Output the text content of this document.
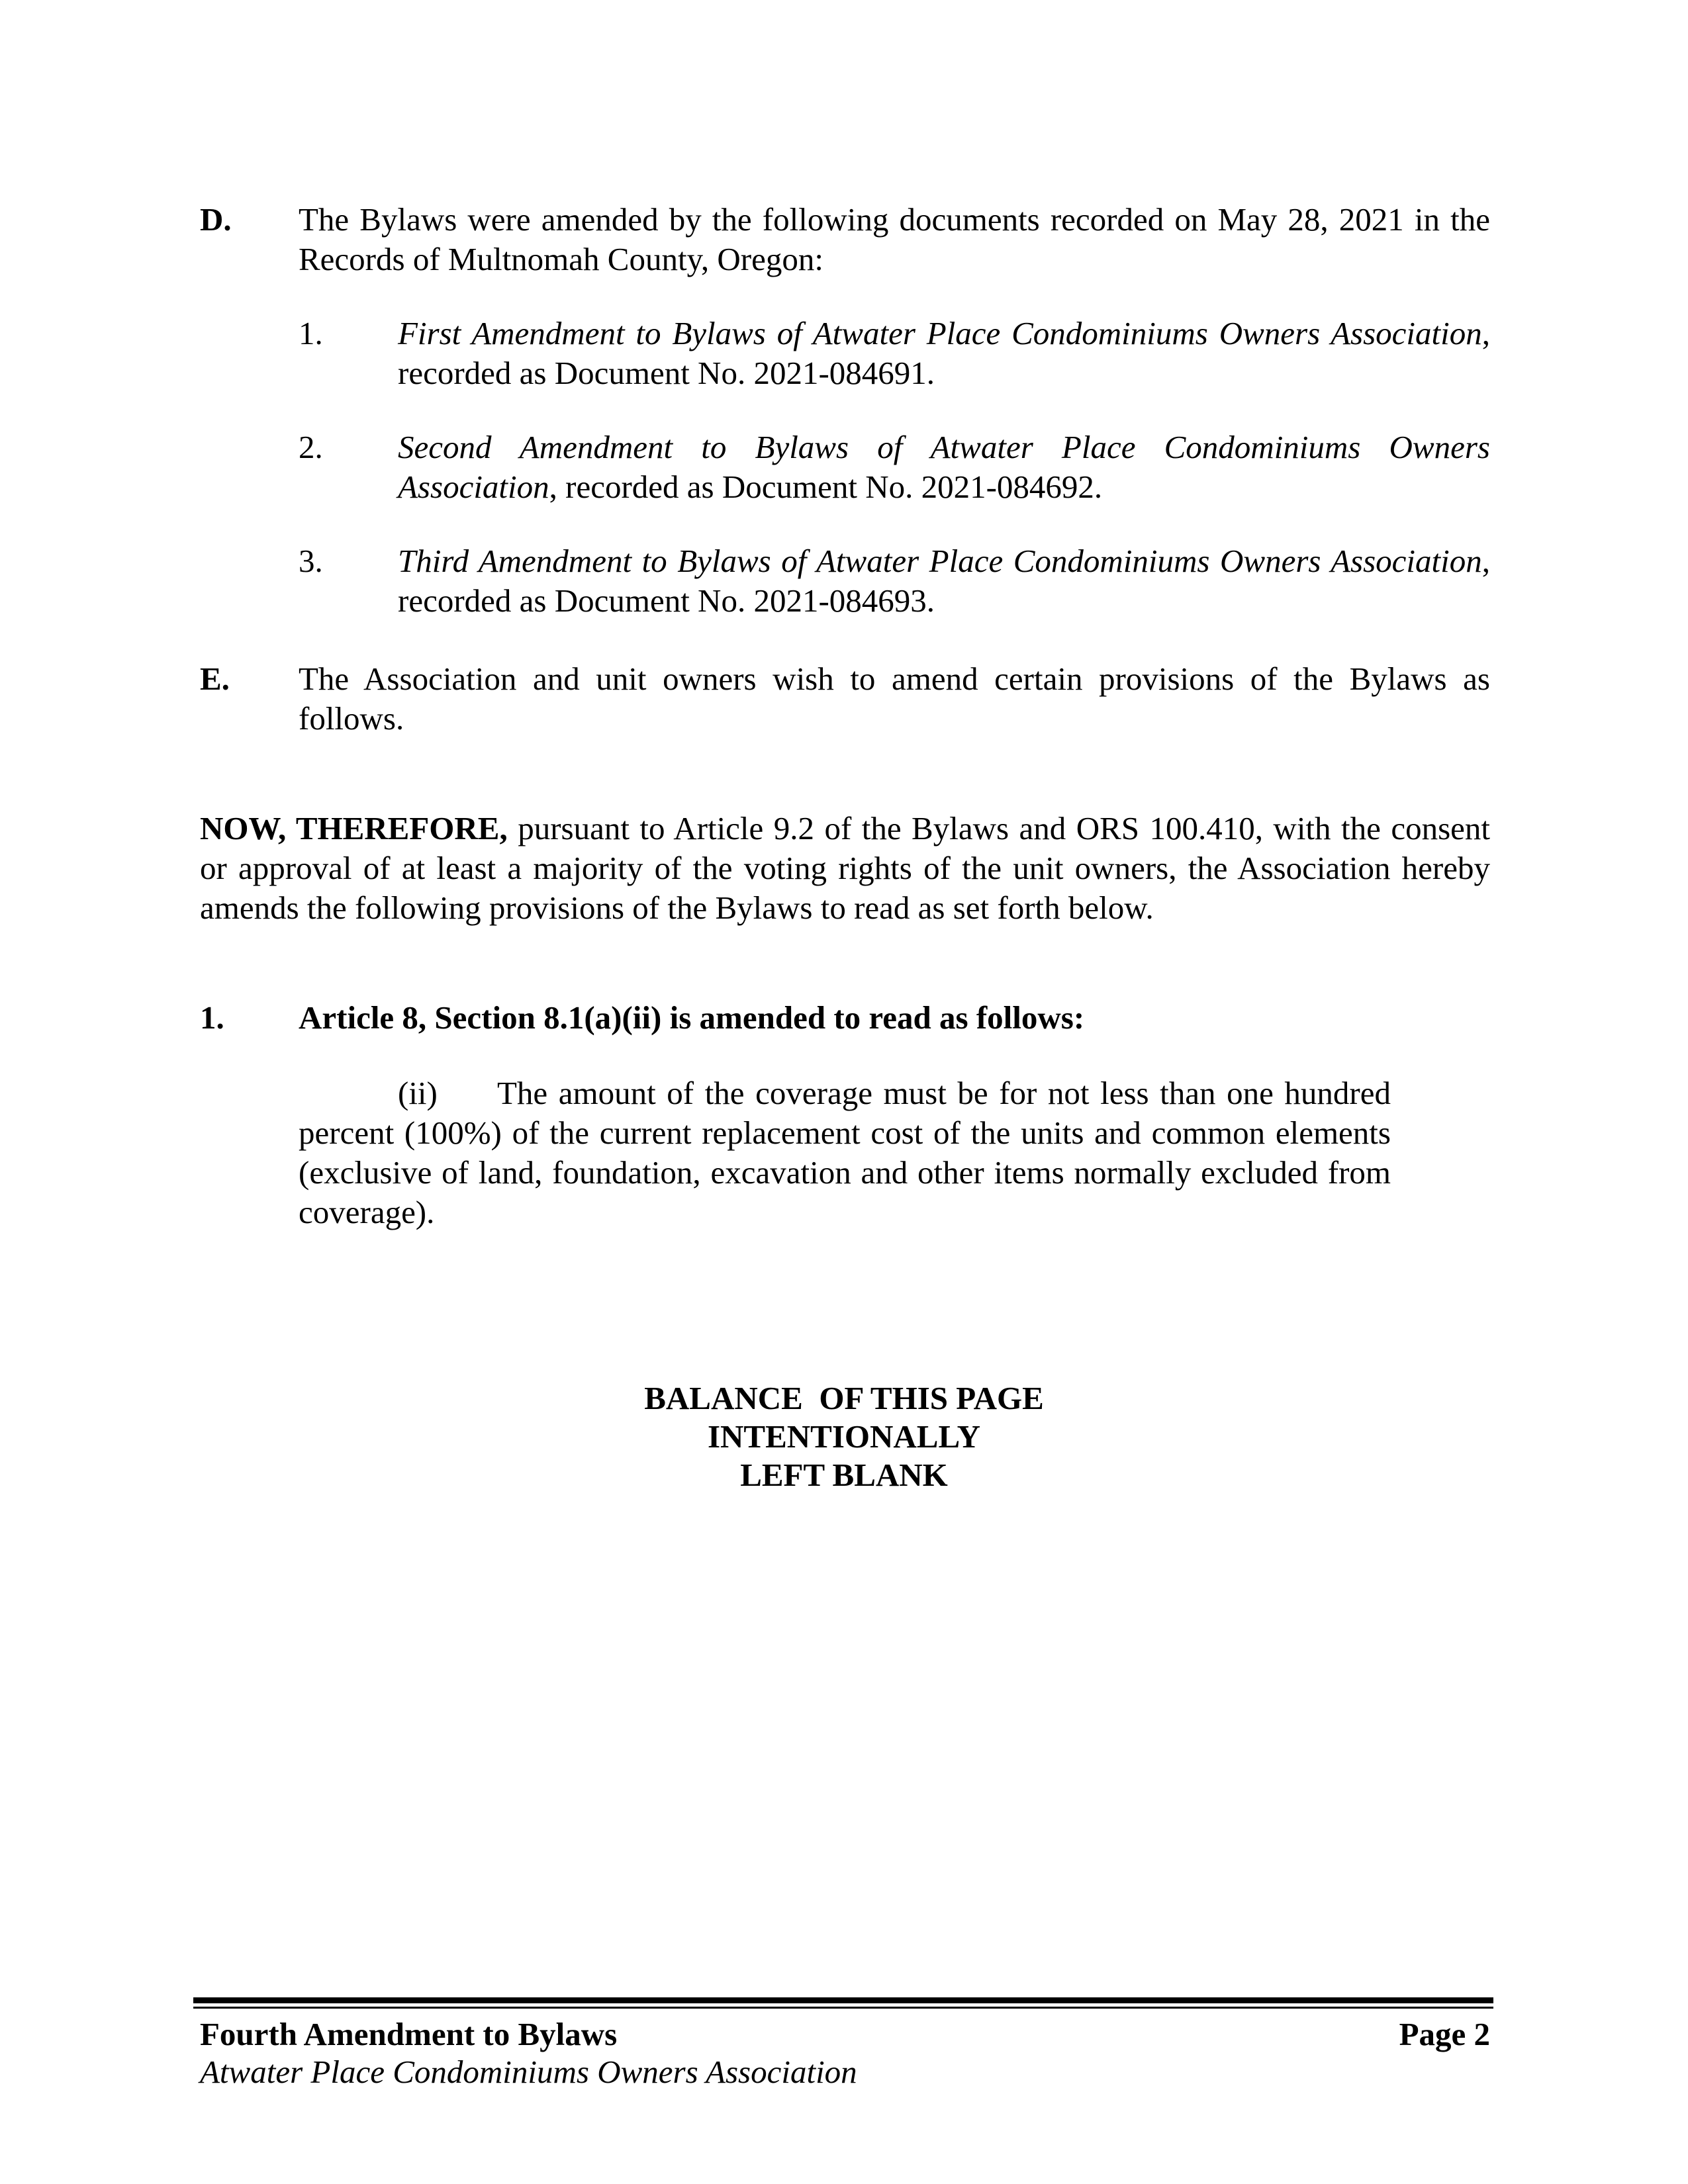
D. The Bylaws were amended by the following documents recorded on May 28, 2021 in the Records of Multnomah County, Oregon:
1. First Amendment to Bylaws of Atwater Place Condominiums Owners Association, recorded as Document No. 2021-084691.
2. Second Amendment to Bylaws of Atwater Place Condominiums Owners Association, recorded as Document No. 2021-084692.
3. Third Amendment to Bylaws of Atwater Place Condominiums Owners Association, recorded as Document No. 2021-084693.
E. The Association and unit owners wish to amend certain provisions of the Bylaws as follows.
NOW, THEREFORE, pursuant to Article 9.2 of the Bylaws and ORS 100.410, with the consent or approval of at least a majority of the voting rights of the unit owners, the Association hereby amends the following provisions of the Bylaws to read as set forth below.
1. Article 8, Section 8.1(a)(ii) is amended to read as follows:
(ii) The amount of the coverage must be for not less than one hundred percent (100%) of the current replacement cost of the units and common elements (exclusive of land, foundation, excavation and other items normally excluded from coverage).
BALANCE  OF THIS PAGE
INTENTIONALLY
LEFT BLANK
Fourth Amendment to Bylaws	Page 2
Atwater Place Condominiums Owners Association
